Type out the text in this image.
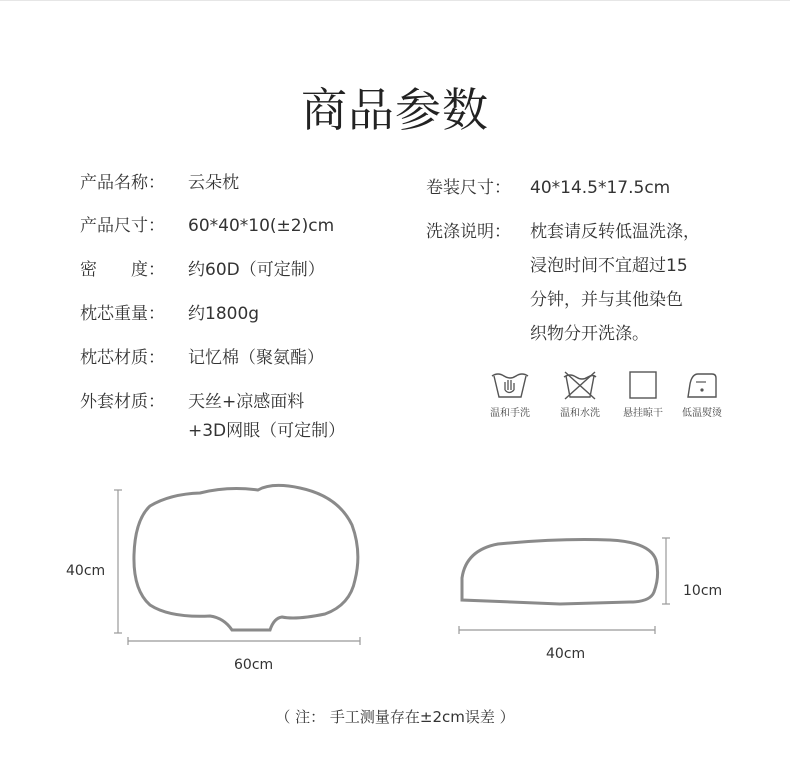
商品参数
产品名称： 云朵枕
产品尺寸： 60*40*10(±2)cm
密　　度： 约60D（可定制）
枕芯重量： 约1800g
枕芯材质： 记忆棉（聚氨酯）
外套材质： 天丝+凉感面料
+3D网眼（可定制）
卷装尺寸： 40*14.5*17.5cm
洗涤说明： 枕套请反转低温洗涤，
浸泡时间不宜超过15
分钟，并与其他染色
织物分开洗涤。
温和手洗	温和水洗	悬挂晾干	低温熨烫
40cm
60cm
10cm
40cm
（ 注： 手工测量存在±2cm误差 ）
